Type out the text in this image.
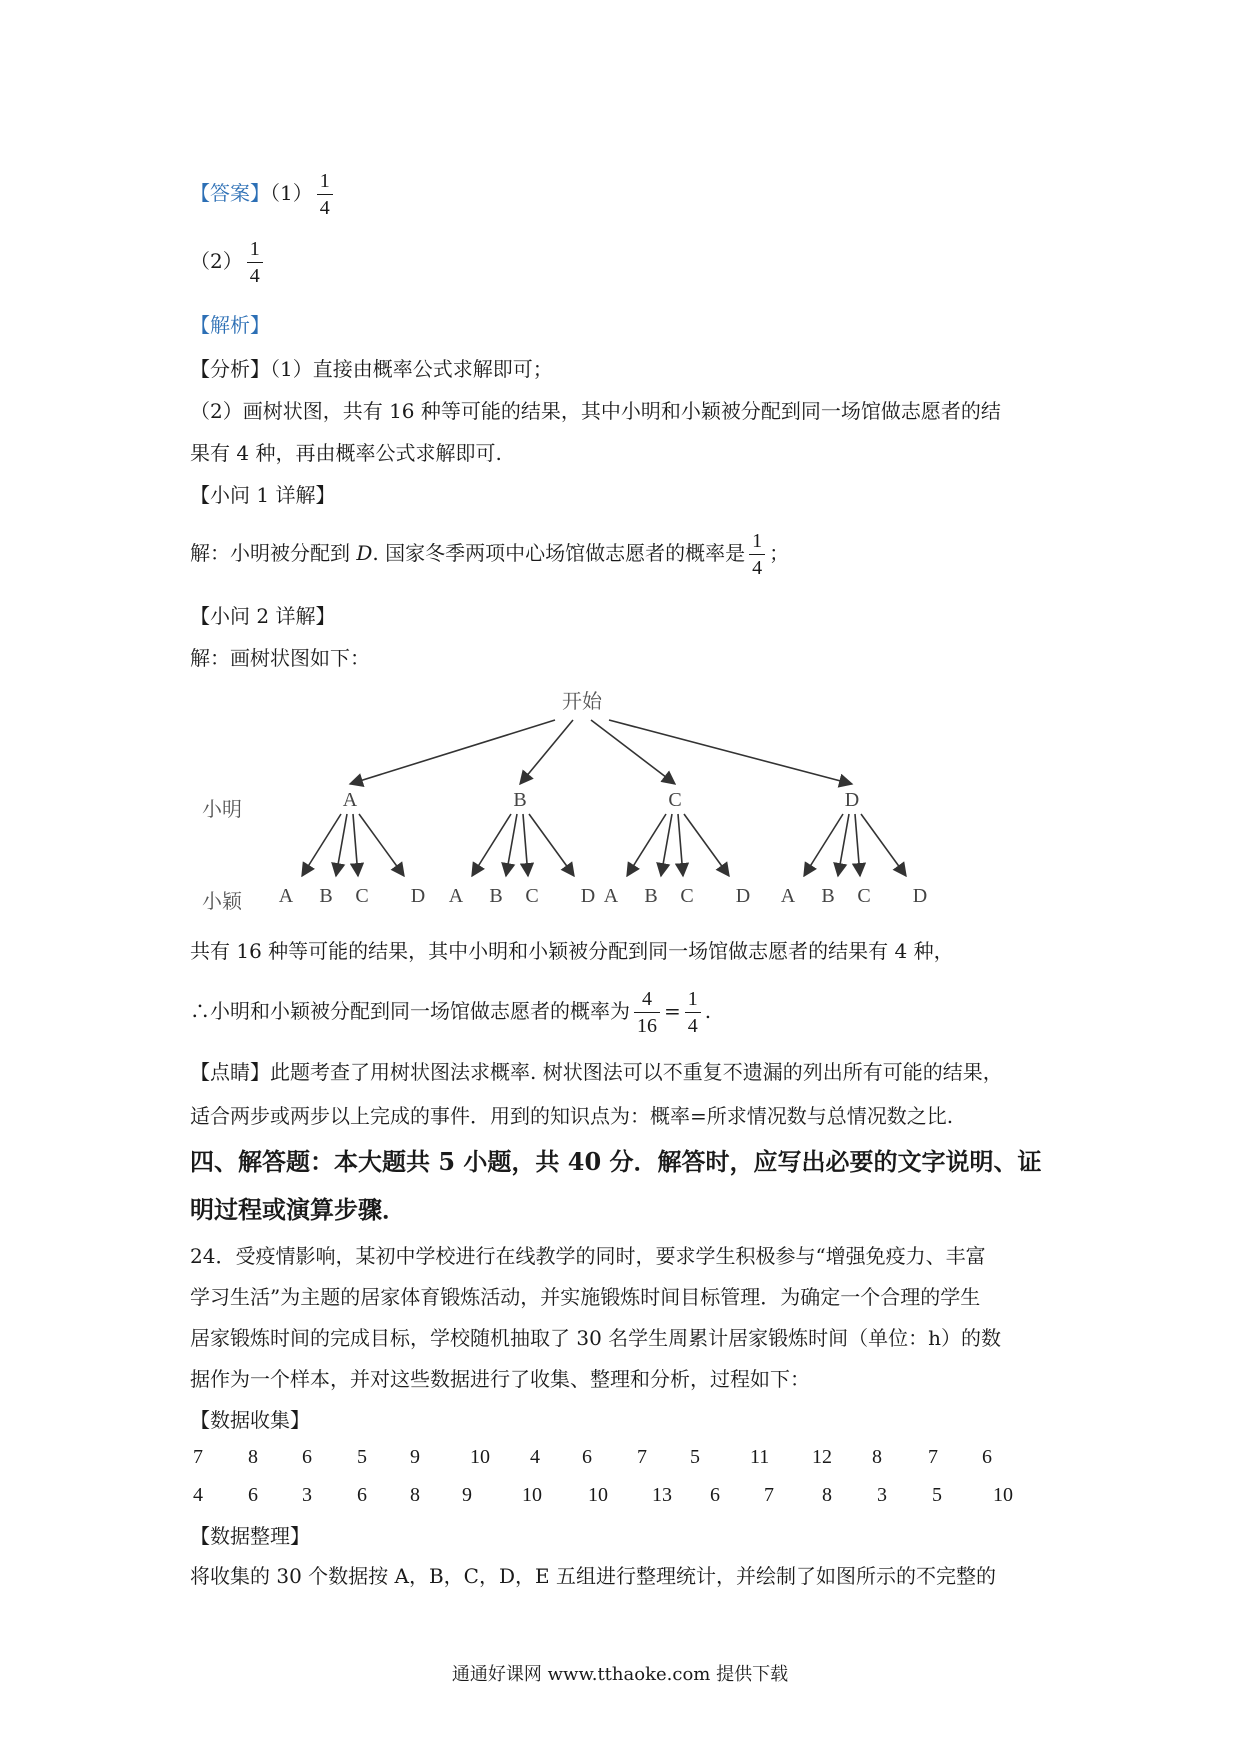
【答案】$(1) \frac{1}{4}$
$(2) \frac{1}{4}$
【解析】
【分析】（1）直接由概率公式求解即可；
（2）画树状图，共有 16 种等可能的结果，其中小明和小颖被分配到同一场馆做志愿者的结
果有 4 种，再由概率公式求解即可.
【小问 1 详解】
解：小明被分配到 D. 国家冬季两项中心场馆做志愿者的概率是 $\frac{1}{4}$ ；
【小问 2 详解】
解：画树状图如下：
开始
小明
小颖
A	B	C	D
A B C D A B C D A B C D A B C D
共有 16 种等可能的结果，其中小明和小颖被分配到同一场馆做志愿者的结果有 4 种，
∴小明和小颖被分配到同一场馆做志愿者的概率为 $\frac{4}{16} = \frac{1}{4}$ .
【点睛】此题考查了用树状图法求概率. 树状图法可以不重复不遗漏的列出所有可能的结果，
适合两步或两步以上完成的事件．用到的知识点为：概率=所求情况数与总情况数之比.
四、解答题：本大题共 5 小题，共 40 分．解答时，应写出必要的文字说明、证
明过程或演算步骤．
24．受疫情影响，某初中学校进行在线教学的同时，要求学生积极参与“增强免疫力、丰富
学习生活”为主题的居家体育锻炼活动，并实施锻炼时间目标管理．为确定一个合理的学生
居家锻炼时间的完成目标，学校随机抽取了 30 名学生周累计居家锻炼时间（单位：h）的数
据作为一个样本，并对这些数据进行了收集、整理和分析，过程如下：
【数据收集】
7 8 6 5 9	10 4 6 7 5	11 12 8 7 6
4 6 3 6 8 9	10 10 13 6 7 8 3 5	10
【数据整理】
将收集的 30 个数据按 A，B，C，D，E 五组进行整理统计，并绘制了如图所示的不完整的
通通好课网 www.tthaoke.com 提供下载
